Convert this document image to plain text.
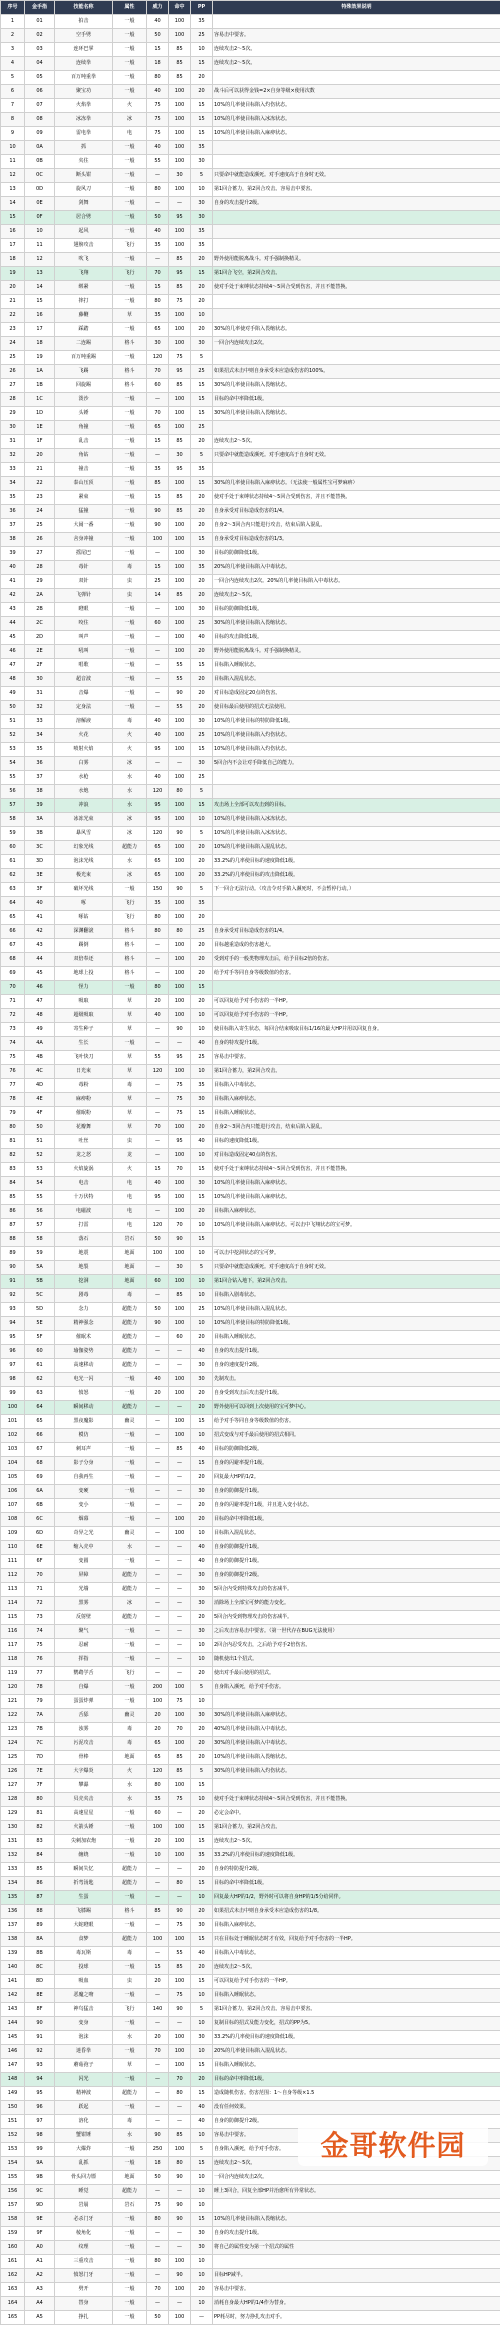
序号	金手指	技能名称	属性	威力	命中	PP	特殊效果说明
1	01	拍击	一般	40	100	35	
2	02	空手劈	一般	50	100	25	容易击中要害。
3	03	连环巴掌	一般	15	85	10	连续攻击2～5次。
4	04	连续拳	一般	18	85	15	连续攻击2～5次。
5	05	百万吨重拳	一般	80	85	20	
6	06	聚宝功	一般	40	100	20	战斗后可以获得金钱=2×自身等级×使用次数
7	07	火焰拳	火	75	100	15	10%的几率使目标陷入灼伤状态。
8	08	冰冻拳	冰	75	100	15	10%的几率使目标陷入冰冻状态。
9	09	雷电拳	电	75	100	15	10%的几率使目标陷入麻痹状态。
10	0A	抓	一般	40	100	35	
11	0B	夹住	一般	55	100	30	
12	0C	断头钳	一般	—	30	5	只要命中就能造成濒死。对手速度高于自身时无效。
13	0D	旋风刀	一般	80	100	10	第1回合蓄力，第2回合攻击。容易击中要害。
14	0E	剑舞	一般	—	—	30	自身的攻击提升2级。
15	0F	居合劈	一般	50	95	30	
16	10	起风	一般	40	100	35	
17	11	翅膀攻击	飞行	35	100	35	
18	12	吹飞	一般	—	85	20	野外使用能脱离战斗。对手强制换精灵。
19	13	飞翔	飞行	70	95	15	第1回合飞空，第2回合攻击。
20	14	绑紧	一般	15	85	20	使对手处于束缚状态持续4～5回合受到伤害，并且不能替换。
21	15	摔打	一般	80	75	20	
22	16	藤鞭	草	35	100	10	
23	17	踩踏	一般	65	100	20	30%的几率使对手陷入畏缩状态。
24	18	二连踢	格斗	30	100	30	一回合内连续攻击2次。
25	19	百万吨重踢	一般	120	75	5	
26	1A	飞踢	格斗	70	95	25	如果招式未击中则自身承受本应造成伤害的100%。
27	1B	回旋踢	格斗	60	85	15	30%的几率使目标陷入畏缩状态。
28	1C	泼沙	一般	—	100	15	目标的命中率降低1级。
29	1D	头锤	一般	70	100	15	30%的几率使目标陷入畏缩状态。
30	1E	角撞	一般	65	100	25	
31	1F	乱击	一般	15	85	20	连续攻击2～5次。
32	20	角钻	一般	—	30	5	只要命中就能造成濒死。对手速度高于自身时无效。
33	21	撞击	一般	35	95	35	
34	22	泰山压顶	一般	85	100	15	30%的几率使目标陷入麻痹状态。（无法使一般属性宝可梦麻痹）
35	23	紧束	一般	15	85	20	使对手处于束缚状态持续4～5回合受到伤害，并且不能替换。
36	24	猛撞	一般	90	85	20	自身承受对目标造成伤害的1/4。
37	25	大闹一番	一般	90	100	20	自身2～3回合内只能进行攻击，结束后陷入混乱。
38	26	舍身冲撞	一般	100	100	15	自身承受对目标造成伤害的1/3。
39	27	摇尾巴	一般	—	100	30	目标的防御降低1级。
40	28	毒针	毒	15	100	35	20%的几率使目标陷入中毒状态。
41	29	双针	虫	25	100	20	一回合内连续攻击2次。20%的几率使目标陷入中毒状态。
42	2A	飞弹针	虫	14	85	20	连续攻击2～5次。
43	2B	瞪眼	一般	—	100	30	目标的防御降低1级。
44	2C	咬住	一般	60	100	25	30%的几率使目标陷入畏缩状态。
45	2D	叫声	一般	—	100	40	目标的攻击降低1级。
46	2E	吼叫	一般	—	100	20	野外使用能脱离战斗。对手强制换精灵。
47	2F	唱歌	一般	—	55	15	目标陷入睡眠状态。
48	30	超音波	一般	—	55	20	目标陷入混乱状态。
49	31	音爆	一般	—	90	20	对目标造成固定20点的伤害。
50	32	定身法	一般	—	55	20	使目标最后使用的招式无法使用。
51	33	溶解液	毒	40	100	30	10%的几率使目标的特防降低1级。
52	34	火花	火	40	100	25	10%的几率使目标陷入灼伤状态。
53	35	喷射火焰	火	95	100	15	10%的几率使目标陷入灼伤状态。
54	36	白雾	冰	—	—	30	5回合内不会让对手降低自己的能力。
55	37	水枪	水	40	100	25	
56	38	水炮	水	120	80	5	
57	39	冲浪	水	95	100	15	攻击场上全部可以攻击到的目标。
58	3A	冰冻光束	冰	95	100	10	10%的几率使目标陷入冰冻状态。
59	3B	暴风雪	冰	120	90	5	10%的几率使目标陷入冰冻状态。
60	3C	幻象光线	超能力	65	100	20	10%的几率使目标陷入混乱状态。
61	3D	泡沫光线	水	65	100	20	33.2%的几率使目标的速度降低1级。
62	3E	极光束	冰	65	100	20	33.2%的几率使目标的攻击降低1级。
63	3F	破坏光线	一般	150	90	5	下一回合无法行动。（攻击令对手陷入濒死时，不会暂停行动。）
64	40	啄	飞行	35	100	35	
65	41	啄钻	飞行	80	100	20	
66	42	深渊翻滚	格斗	80	80	25	自身承受对目标造成伤害的1/4。
67	43	踢倒	格斗	—	100	20	目标越重造成的伤害越大。
68	44	双倍奉还	格斗	—	100	20	受到对手的一般类物理攻击后，给予目标2倍的伤害。
69	45	地球上投	格斗	—	100	20	给予对手等同自身等级数值的伤害。
70	46	怪力	一般	80	100	15	
71	47	吸取	草	20	100	20	可以回复给予对手伤害的一半HP。
72	48	超级吸取	草	40	100	10	可以回复给予对手伤害的一半HP。
73	49	寄生种子	草	—	90	10	使目标陷入寄生状态，每回合结束吸取目标1/16的最大HP并用以回复自身。
74	4A	生长	一般	—	—	40	自身的特攻提升1级。
75	4B	飞叶快刀	草	55	95	25	容易击中要害。
76	4C	日光束	草	120	100	10	第1回合蓄力，第2回合攻击。
77	4D	毒粉	毒	—	75	35	目标陷入中毒状态。
78	4E	麻痹粉	草	—	75	30	目标陷入麻痹状态。
79	4F	催眠粉	草	—	75	15	目标陷入睡眠状态。
80	50	花瓣舞	草	70	100	20	自身2～3回合内只能进行攻击，结束后陷入混乱。
81	51	吐丝	虫	—	95	40	目标的速度降低1级。
82	52	龙之怒	龙	—	100	10	对目标造成固定40点的伤害。
83	53	火焰旋涡	火	15	70	15	使对手处于束缚状态持续4～5回合受到伤害，并且不能替换。
84	54	电击	电	40	100	30	10%的几率使目标陷入麻痹状态。
85	55	十万伏特	电	95	100	15	10%的几率使目标陷入麻痹状态。
86	56	电磁波	电	—	100	20	目标陷入麻痹状态。
87	57	打雷	电	120	70	10	10%的几率使目标陷入麻痹状态。可以击中飞翔状态的宝可梦。
88	58	落石	岩石	50	90	15	
89	59	地震	地面	100	100	10	可以击中挖洞状态的宝可梦。
90	5A	地裂	地面	—	30	5	只要命中就能造成濒死。对手速度高于自身时无效。
91	5B	挖洞	地面	60	100	10	第1回合钻入地下，第2回合攻击。
92	5C	剧毒	毒	—	85	10	目标陷入剧毒状态。
93	5D	念力	超能力	50	100	25	10%的几率使目标陷入混乱状态。
94	5E	精神强念	超能力	90	100	10	10%的几率使目标的特防降低1级。
95	5F	催眠术	超能力	—	60	20	目标陷入睡眠状态。
96	60	瑜伽姿势	超能力	—	—	40	自身的攻击提升1级。
97	61	高速移动	超能力	—	—	30	自身的速度提升2级。
98	62	电光一闪	一般	40	100	30	先制攻击。
99	63	愤怒	一般	20	100	20	自身受到攻击后攻击提升1级。
100	64	瞬间移动	超能力	—	—	20	野外使用可以回到上次使用的宝可梦中心。
101	65	黑夜魔影	幽灵	—	100	15	给予对手等同自身等级数值的伤害。
102	66	模仿	一般	—	100	10	招式变成与对手最后使用的招式相同。
103	67	刺耳声	一般	—	85	40	目标的防御降低2级。
104	68	影子分身	一般	—	—	15	自身的闪避率提升1级。
105	69	自我再生	一般	—	—	20	回复最大HP的1/2。
106	6A	变硬	一般	—	—	30	自身的防御提升1级。
107	6B	变小	一般	—	—	20	自身的闪避率提升1级，并且进入变小状态。
108	6C	烟幕	一般	—	100	20	目标的命中率降低1级。
109	6D	奇异之光	幽灵	—	100	10	目标陷入混乱状态。
110	6E	缩入壳中	水	—	—	40	自身的防御提升1级。
111	6F	变圆	一般	—	—	40	自身的防御提升1级。
112	70	屏障	超能力	—	—	30	自身的防御提升2级。
113	71	光墙	超能力	—	—	30	5回合内受到特殊攻击的伤害减半。
114	72	黑雾	冰	—	—	30	消除场上全部宝可梦的能力变化。
115	73	反射壁	超能力	—	—	20	5回合内受到物理攻击的伤害减半。
116	74	聚气	一般	—	—	30	之后攻击容易击中要害。（第一世代存在BUG无法使用）
117	75	忍耐	一般	—	—	10	2回合内忍受攻击，之后给予对手2倍伤害。
118	76	挥指	一般	—	—	10	随机使出1个招式。
119	77	鹦鹉学舌	飞行	—	—	20	使出对手最后使用的招式。
120	78	自爆	一般	200	100	5	自身陷入濒死，给予对手伤害。
121	79	蛋蛋炸弹	一般	100	75	10	
122	7A	舌舔	幽灵	20	100	30	30%的几率使目标陷入麻痹状态。
123	7B	浊雾	毒	20	70	20	40%的几率使目标陷入中毒状态。
124	7C	污泥攻击	毒	65	100	20	30%的几率使目标陷入中毒状态。
125	7D	骨棒	地面	65	85	20	10%的几率使目标陷入畏缩状态。
126	7E	大字爆炎	火	120	85	5	30%的几率使目标陷入灼伤状态。
127	7F	攀瀑	水	80	100	15	
128	80	贝壳夹击	水	35	75	10	使对手处于束缚状态持续4～5回合受到伤害，并且不能替换。
129	81	高速星星	一般	60	—	20	必定会命中。
130	82	火箭头锤	一般	100	100	15	第1回合蓄力，第2回合攻击。
131	83	尖刺加农炮	一般	20	100	15	连续攻击2～5次。
132	84	缠绕	一般	10	100	35	33.2%的几率使目标的速度降低1级。
133	85	瞬间失忆	超能力	—	—	20	自身的特防提升2级。
134	86	折弯汤匙	超能力	—	80	15	目标的命中率降低1级。
135	87	生蛋	一般	—	—	10	回复最大HP的1/2，野外时可以将自身HP的1/5分给同伴。
136	88	飞膝踢	格斗	85	90	20	如果招式未击中则自身承受本应造成伤害的1/8。
137	89	大蛇瞪眼	一般	—	75	30	目标陷入麻痹状态。
138	8A	食梦	超能力	100	100	15	只在目标处于睡眠状态时才有效，回复给予对手伤害的一半HP。
139	8B	毒瓦斯	毒	—	55	40	目标陷入中毒状态。
140	8C	投球	一般	15	85	20	连续攻击2～5次。
141	8D	吸血	虫	20	100	15	可以回复给予对手伤害的一半HP。
142	8E	恶魔之吻	一般	—	75	10	目标陷入睡眠状态。
143	8F	神鸟猛击	飞行	140	90	5	第1回合蓄力，第2回合攻击。容易击中要害。
144	90	变身	一般	—	—	10	复制目标的招式及能力变化，招式的PP为5。
145	91	泡沫	水	20	100	30	33.2%的几率使目标的速度降低1级。
146	92	迷昏拳	一般	70	100	10	20%的几率使目标陷入混乱状态。
147	93	蘑菇孢子	草	—	100	15	目标陷入睡眠状态。
148	94	闪光	一般	—	70	20	目标的命中率降低1级。
149	95	精神波	超能力	—	80	15	造成随机伤害。伤害范围：1～自身等级×1.5
150	96	跃起	一般	—	—	40	没有任何效果。
151	97	溶化	毒	—	—	40	自身的防御提升2级。
152	98	蟹钳锤	水	90	85	10	容易击中要害。
153	99	大爆炸	一般	250	100	5	自身陷入濒死，给予对手伤害。
154	9A	乱抓	一般	18	80	15	连续攻击2～5次。
155	9B	骨头回力镖	地面	50	90	10	一回合内连续攻击2次。
156	9C	睡觉	超能力	—	—	10	睡上3回合，回复全部HP并治愈所有异常状态。
157	9D	岩崩	岩石	75	90	10	
158	9E	必杀门牙	一般	80	90	15	10%的几率使目标陷入畏缩状态。
159	9F	棱角化	一般	—	—	30	自身的攻击提升1级。
160	A0	纹理	一般	—	—	30	将自己的属性变为第一个招式的属性
161	A1	三重攻击	一般	80	100	10	
162	A2	愤怒门牙	一般	—	90	10	目标HP减半。
163	A3	劈开	一般	70	100	20	容易击中要害。
164	A4	替身	一般	—	—	10	消耗自身最大HP的1/4作为替身。
165	A5	挣扎	一般	50	100	—	PP耗尽时，努力挣扎攻击对手。
金哥软件园
